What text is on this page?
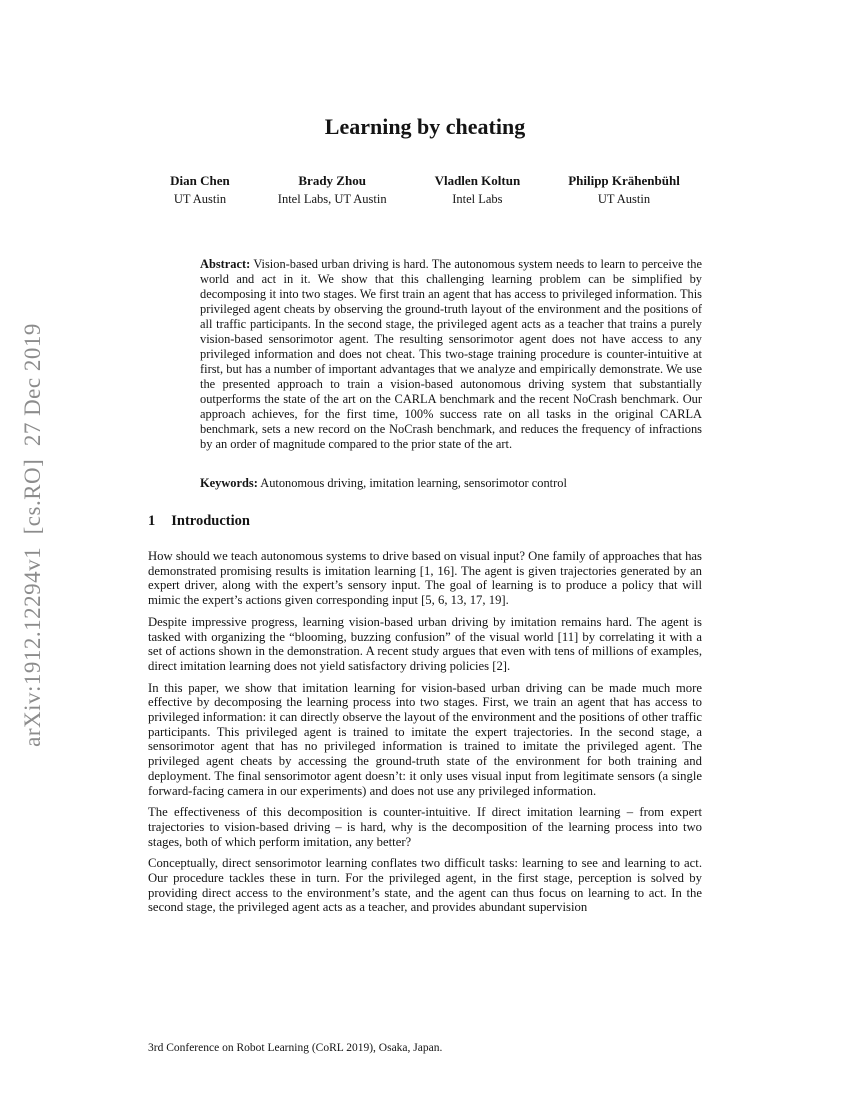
arXiv:1912.12294v1  [cs.RO]  27 Dec 2019
Learning by cheating
Dian Chen
UT Austin
Brady Zhou
Intel Labs, UT Austin
Vladlen Koltun
Intel Labs
Philipp Krähenbühl
UT Austin
Abstract: Vision-based urban driving is hard. The autonomous system needs to learn to perceive the world and act in it. We show that this challenging learning problem can be simplified by decomposing it into two stages. We first train an agent that has access to privileged information. This privileged agent cheats by observing the ground-truth layout of the environment and the positions of all traffic participants. In the second stage, the privileged agent acts as a teacher that trains a purely vision-based sensorimotor agent. The resulting sensorimotor agent does not have access to any privileged information and does not cheat. This two-stage training procedure is counter-intuitive at first, but has a number of important advantages that we analyze and empirically demonstrate. We use the presented approach to train a vision-based autonomous driving system that substantially outperforms the state of the art on the CARLA benchmark and the recent NoCrash benchmark. Our approach achieves, for the first time, 100% success rate on all tasks in the original CARLA benchmark, sets a new record on the NoCrash benchmark, and reduces the frequency of infractions by an order of magnitude compared to the prior state of the art.
Keywords: Autonomous driving, imitation learning, sensorimotor control
1 Introduction

How should we teach autonomous systems to drive based on visual input? One family of approaches that has demonstrated promising results is imitation learning [1, 16]. The agent is given trajectories generated by an expert driver, along with the expert’s sensory input. The goal of learning is to produce a policy that will mimic the expert’s actions given corresponding input [5, 6, 13, 17, 19].

Despite impressive progress, learning vision-based urban driving by imitation remains hard. The agent is tasked with organizing the “blooming, buzzing confusion” of the visual world [11] by correlating it with a set of actions shown in the demonstration. A recent study argues that even with tens of millions of examples, direct imitation learning does not yield satisfactory driving policies [2].

In this paper, we show that imitation learning for vision-based urban driving can be made much more effective by decomposing the learning process into two stages. First, we train an agent that has access to privileged information: it can directly observe the layout of the environment and the positions of other traffic participants. This privileged agent is trained to imitate the expert trajectories. In the second stage, a sensorimotor agent that has no privileged information is trained to imitate the privileged agent. The privileged agent cheats by accessing the ground-truth state of the environment for both training and deployment. The final sensorimotor agent doesn’t: it only uses visual input from legitimate sensors (a single forward-facing camera in our experiments) and does not use any privileged information.

The effectiveness of this decomposition is counter-intuitive. If direct imitation learning – from expert trajectories to vision-based driving – is hard, why is the decomposition of the learning process into two stages, both of which perform imitation, any better?

Conceptually, direct sensorimotor learning conflates two difficult tasks: learning to see and learning to act. Our procedure tackles these in turn. For the privileged agent, in the first stage, perception is solved by providing direct access to the environment’s state, and the agent can thus focus on learning to act. In the second stage, the privileged agent acts as a teacher, and provides abundant supervision

3rd Conference on Robot Learning (CoRL 2019), Osaka, Japan.
